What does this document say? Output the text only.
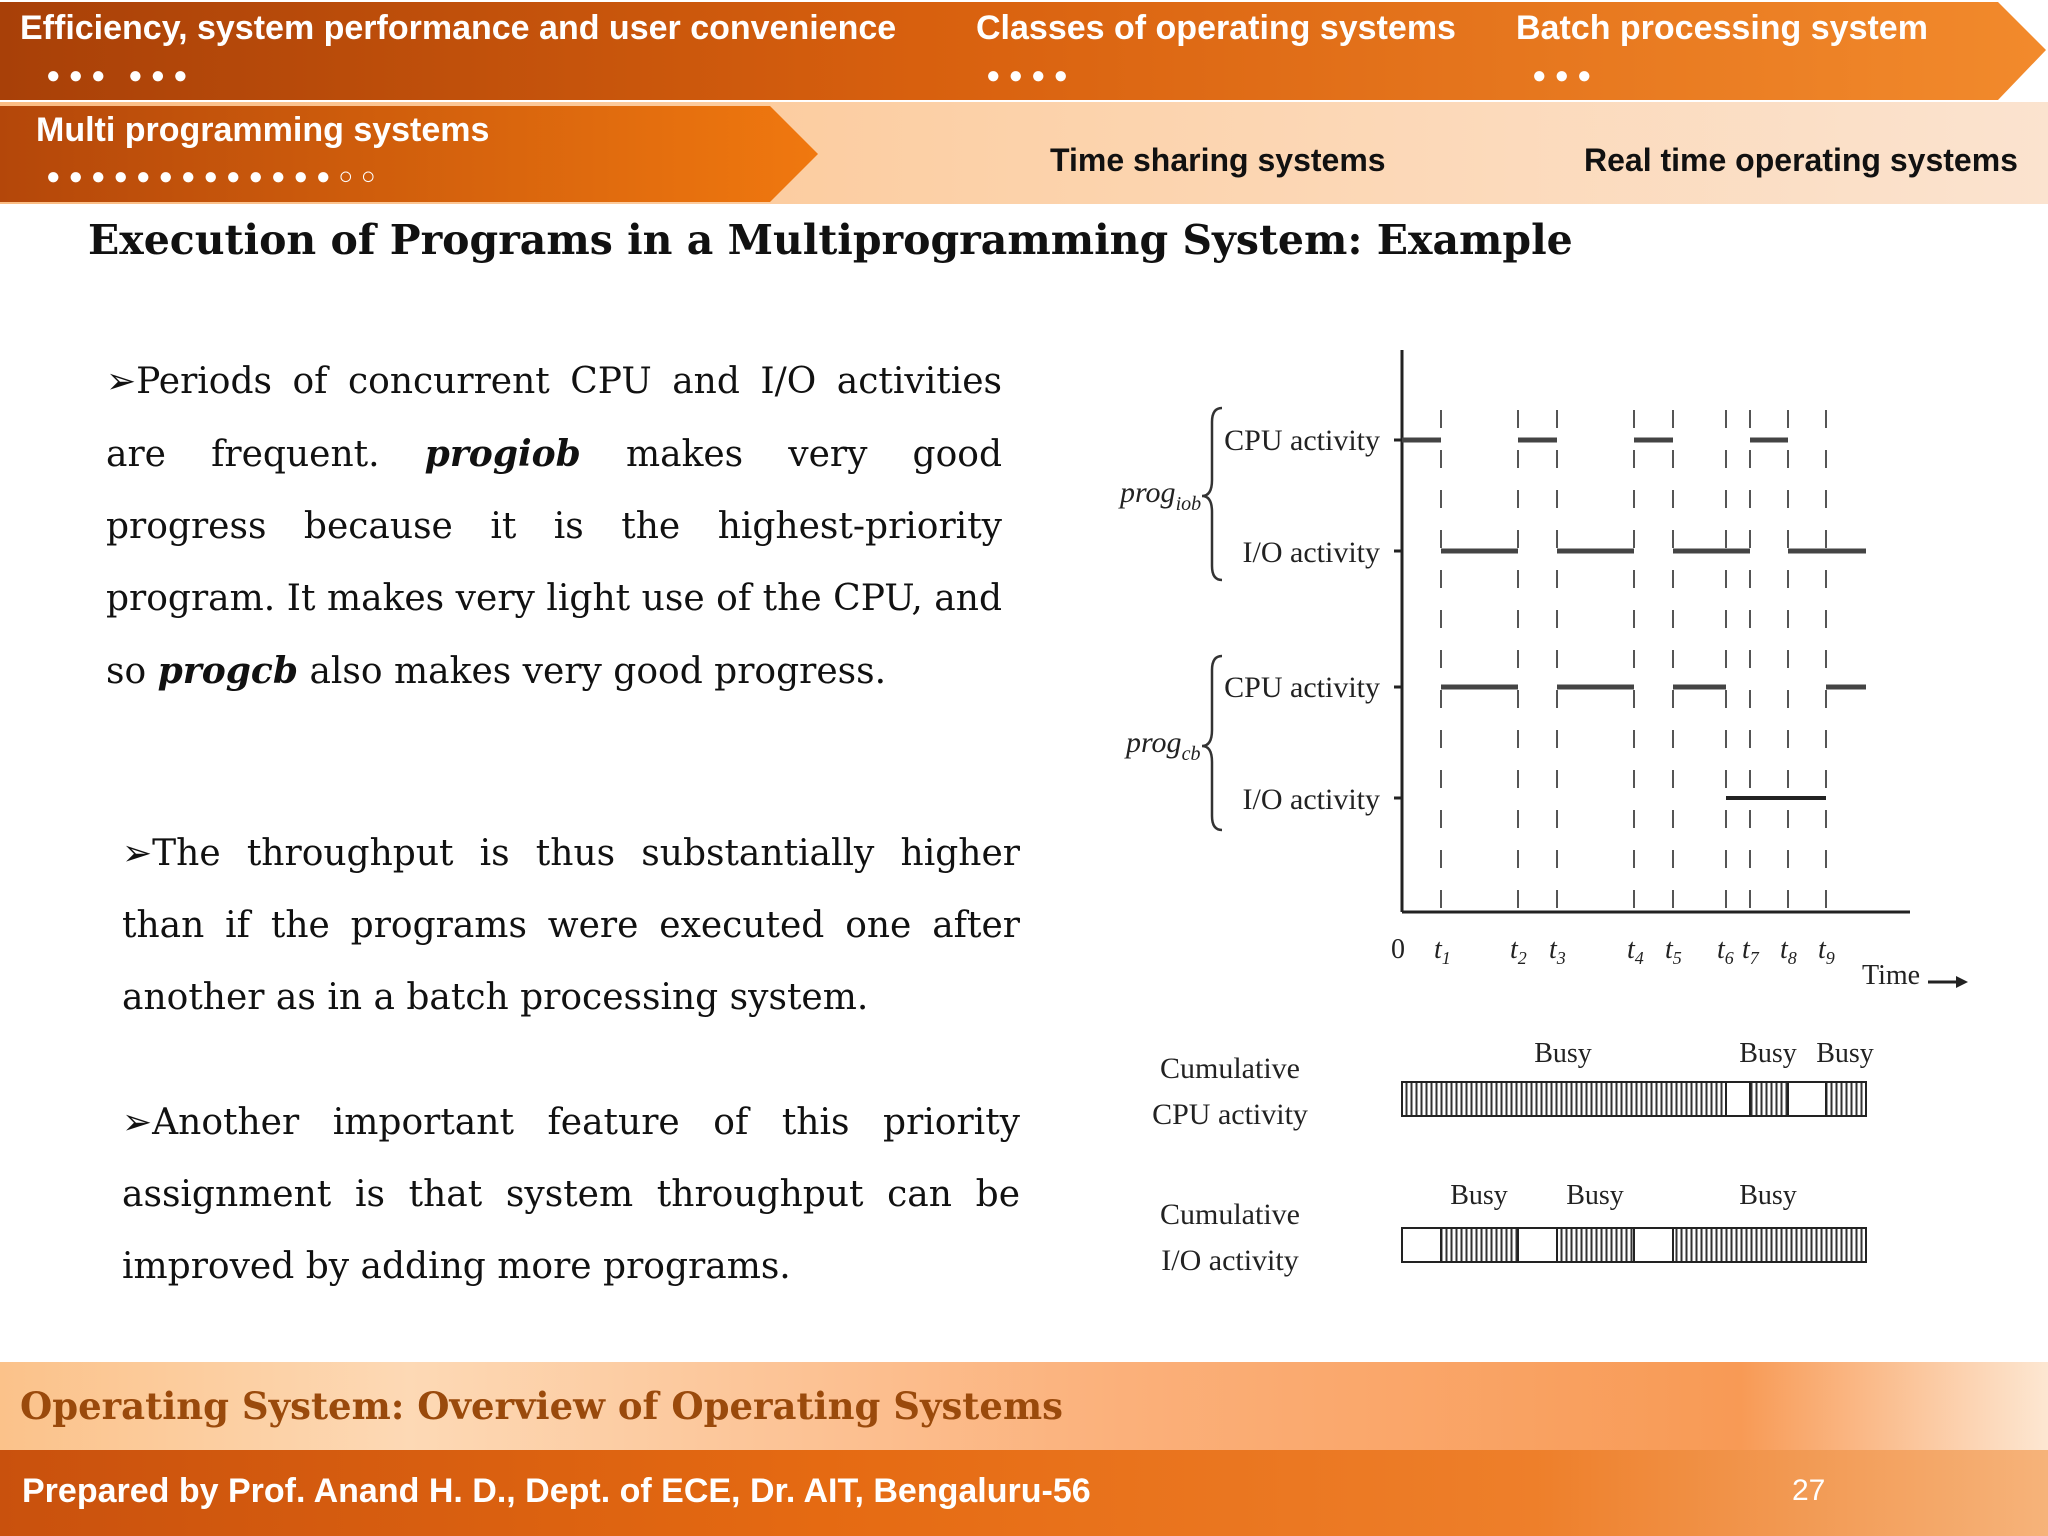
Efficiency, system performance and user convenience
●●● ●●●
Classes of operating systems
●●●●
Batch processing system
●●●
Multi programming systems
●●●●●●●●●●●●●○○	Time sharing systems	Real time operating systems
Execution of Programs in a Multiprogramming System: Example
➢Periods of concurrent CPU and I/O activities are frequent. progiob makes very good progress because it is the highest-priority program. It makes very light use of the CPU, and so progcb also makes very good progress.
➢The throughput is thus substantially higher than if the programs were executed one after another as in a batch processing system.
➢Another important feature of this priority assignment is that system throughput can be improved by adding more programs.
CPU activity
I/O activity
CPU activity
I/O activity
prog$_{iob}$
prog$_{cb}$
0 $t_1$ $t_2$ $t_3$ $t_4$ $t_5$ $t_6$ $t_7$ $t_8$ $t_9$
Time
Cumulative
CPU activity
Busy	Busy Busy
Cumulative
I/O activity
Busy Busy	Busy
Operating System: Overview of Operating Systems
Prepared by Prof. Anand H. D., Dept. of ECE, Dr. AIT, Bengaluru-56	27
